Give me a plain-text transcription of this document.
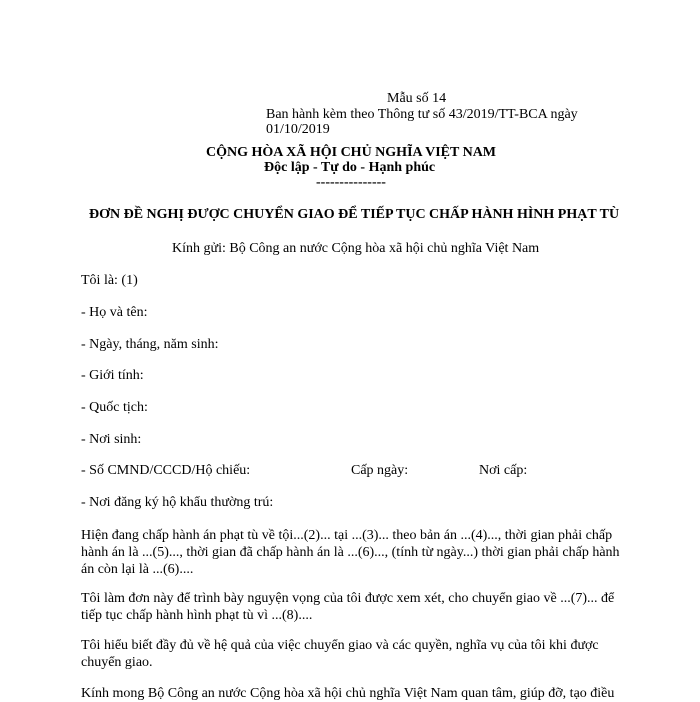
Mẫu số 14
Ban hành kèm theo Thông tư số 43/2019/TT-BCA ngày
01/10/2019
CỘNG HÒA XÃ HỘI CHỦ NGHĨA VIỆT NAM
Độc lập - Tự do - Hạnh phúc
---------------
ĐƠN ĐỀ NGHỊ ĐƯỢC CHUYỂN GIAO ĐỂ TIẾP TỤC CHẤP HÀNH HÌNH PHẠT TÙ
Kính gửi: Bộ Công an nước Cộng hòa xã hội chủ nghĩa Việt Nam
Tôi là: (1)
- Họ và tên:
- Ngày, tháng, năm sinh:
- Giới tính:
- Quốc tịch:
- Nơi sinh:
- Số CMND/CCCD/Hộ chiếu:	Cấp ngày:	Nơi cấp:
- Nơi đăng ký hộ khẩu thường trú:
Hiện đang chấp hành án phạt tù về tội...(2)... tại ...(3)... theo bản án ...(4)..., thời gian phải chấp hành án là ...(5)..., thời gian đã chấp hành án là ...(6)..., (tính từ ngày...) thời gian phải chấp hành án còn lại là ...(6)....
Tôi làm đơn này để trình bày nguyện vọng của tôi được xem xét, cho chuyển giao về ...(7)... để tiếp tục chấp hành hình phạt tù vì ...(8)....
Tôi hiểu biết đầy đủ về hệ quả của việc chuyển giao và các quyền, nghĩa vụ của tôi khi được chuyển giao.
Kính mong Bộ Công an nước Cộng hòa xã hội chủ nghĩa Việt Nam quan tâm, giúp đỡ, tạo điều
